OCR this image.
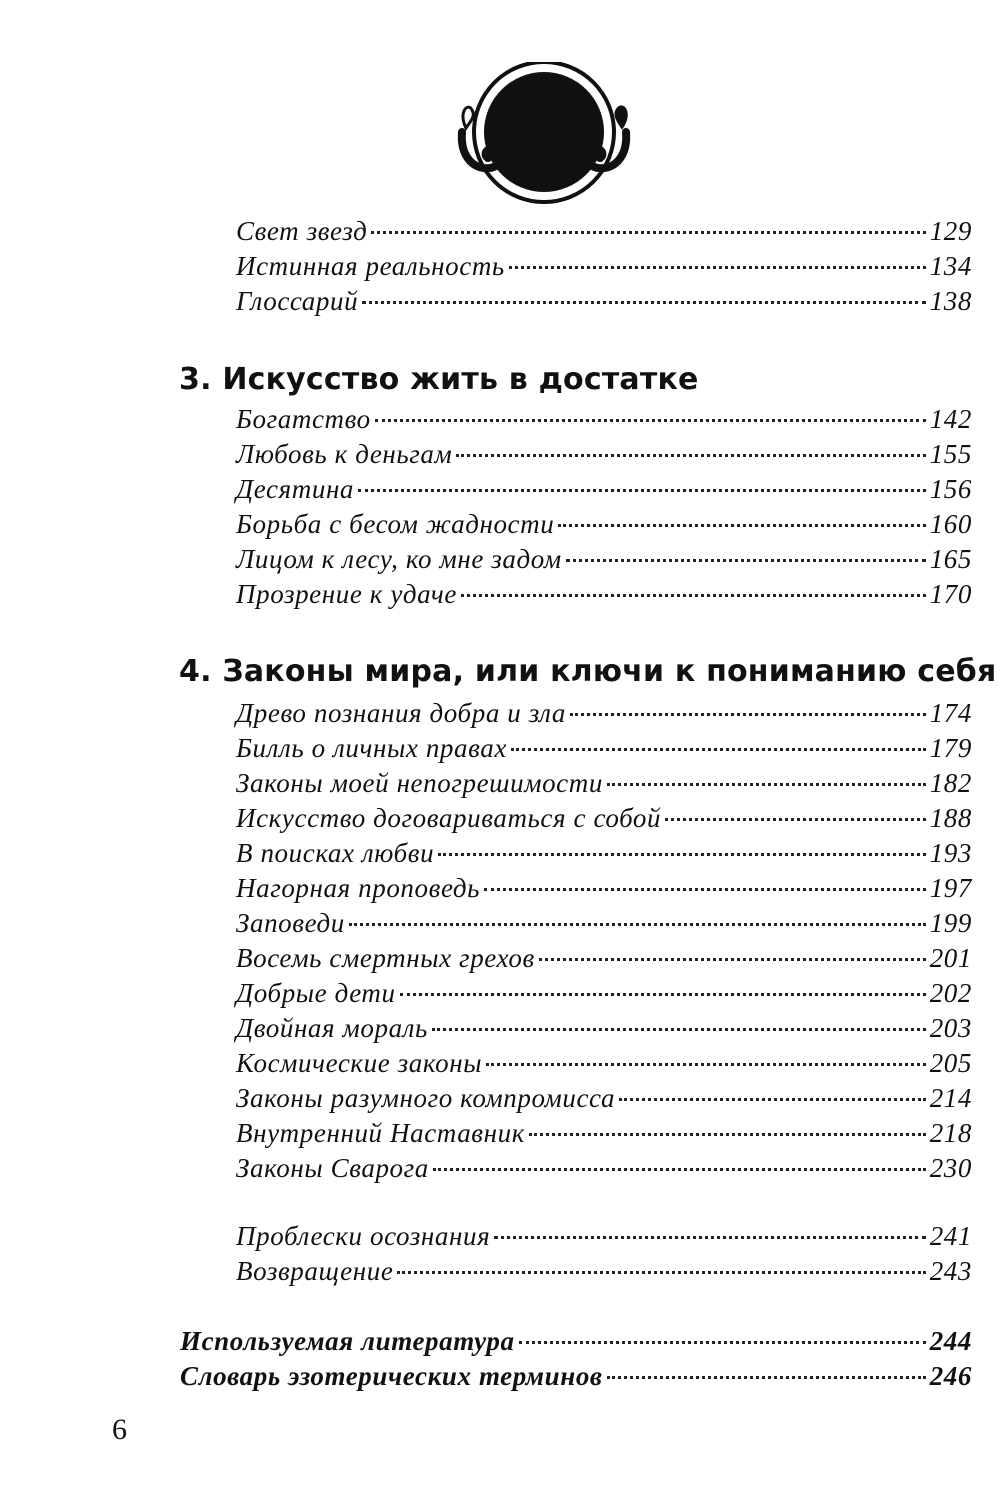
Свет звезд	129
Истинная реальность	134
Глоссарий	138
3. Искусство жить в достатке
Богатство	142
Любовь к деньгам	155
Десятина	156
Борьба с бесом жадности	160
Лицом к лесу, ко мне задом	165
Прозрение к удаче	170
4. Законы мира, или ключи к пониманию себя
Древо познания добра и зла	174
Билль о личных правах	179
Законы моей непогрешимости	182
Искусство договариваться с собой	188
В поисках любви	193
Нагорная проповедь	197
Заповеди	199
Восемь смертных грехов	201
Добрые дети	202
Двойная мораль	203
Космические законы	205
Законы разумного компромисса	214
Внутренний Наставник	218
Законы Сварога	230
Проблески осознания	241
Возвращение	243
Используемая литература	244
Словарь эзотерических терминов	246
6
